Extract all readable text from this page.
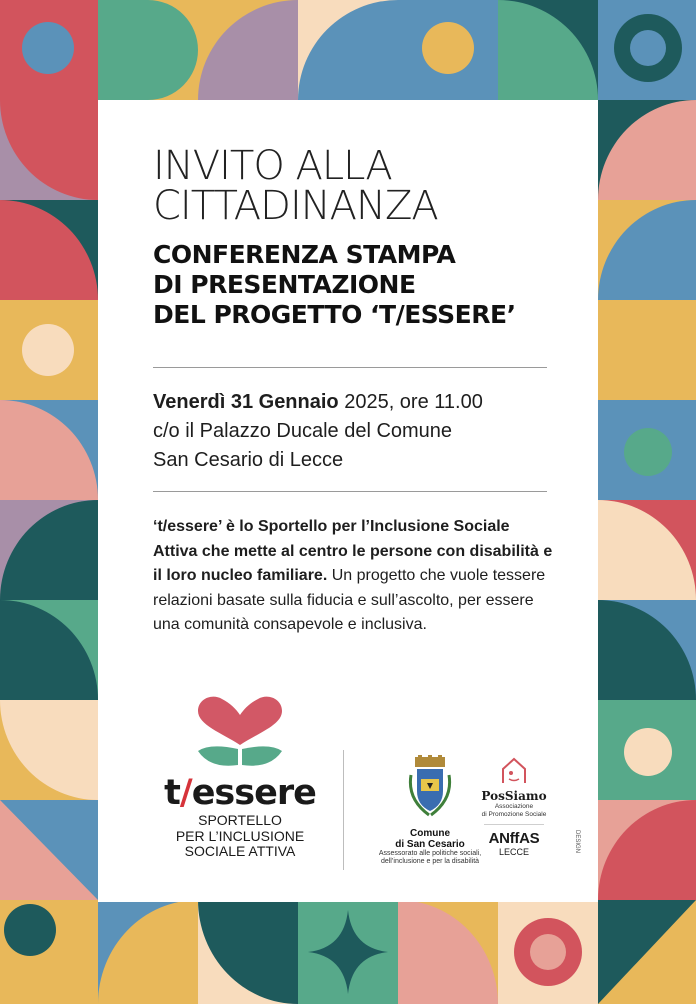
INVITO ALLA
CITTADINANZA
CONFERENZA STAMPA
DI PRESENTAZIONE
DEL PROGETTO ‘T/ESSERE’
Venerdì 31 Gennaio 2025, ore 11.00
c/o il Palazzo Ducale del Comune
San Cesario di Lecce
‘t/essere’ è lo Sportello per l’Inclusione Sociale Attiva che mette al centro le persone con disabilità e il loro nucleo familiare. Un progetto che vuole tessere relazioni basate sulla fiducia e sull’ascolto, per essere una comunità consapevole e inclusiva.
t/essere
SPORTELLO
PER L’INCLUSIONE
SOCIALE ATTIVA
Comune
di San Cesario
Assessorato alle politiche sociali,
dell’inclusione e per la disabilità
PosSiamo
Associazione
di Promozione Sociale
ANffAS
LECCE	DESIGN
